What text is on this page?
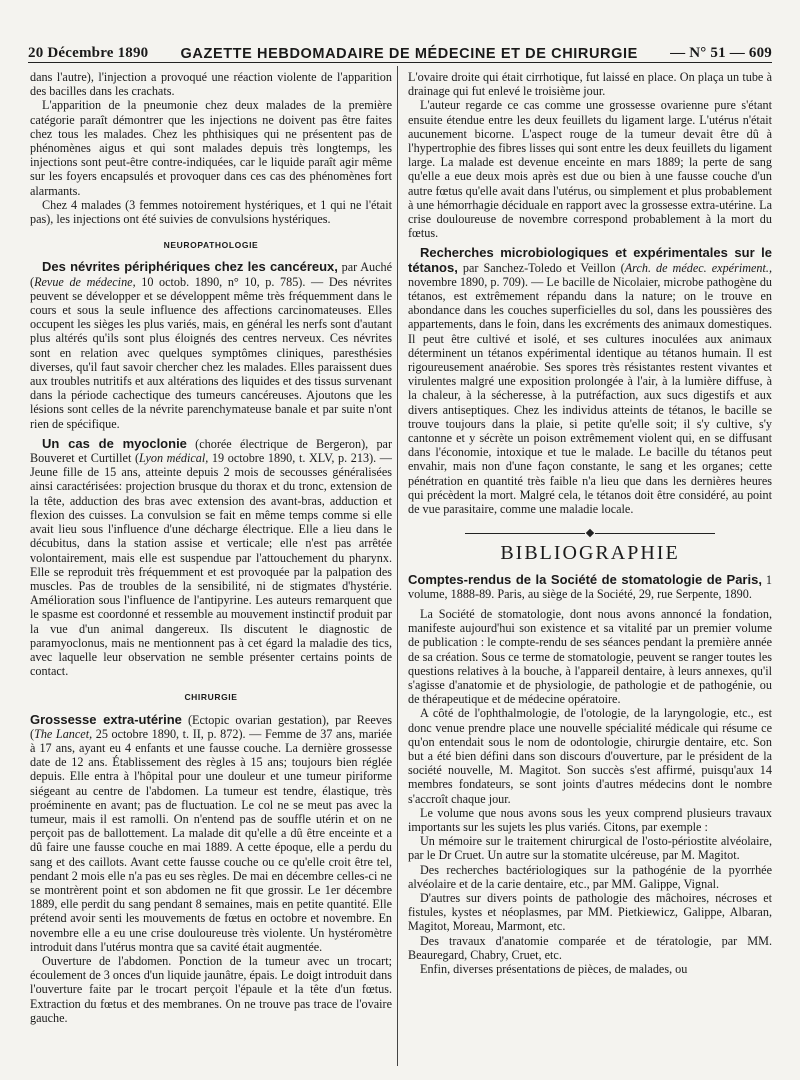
20 Décembre 1890 GAZETTE HEBDOMADAIRE DE MÉDECINE ET DE CHIRURGIE — N° 51 — 609

dans l'autre), l'injection a provoqué une réaction violente de l'apparition des bacilles dans les crachats.

L'apparition de la pneumonie chez deux malades de la première catégorie paraît démontrer que les injections ne doivent pas être faites chez tous les malades. Chez les phthisiques qui ne présentent pas de phénomènes aigus et qui sont malades depuis très longtemps, les injections sont peut-être contre-indiquées, car le liquide paraît agir même sur les foyers encapsulés et provoquer dans ces cas des phénomènes fort alarmants.

Chez 4 malades (3 femmes notoirement hystériques, et 1 qui ne l'était pas), les injections ont été suivies de convulsions hystériques.

NEUROPATHOLOGIE

Des névrites périphériques chez les cancéreux, par Auché (Revue de médecine, 10 octob. 1890, n° 10, p. 785). — Des névrites peuvent se développer et se développent même très fréquemment dans le cours et sous la seule influence des affections carcinomateuses. Elles occupent les sièges les plus variés, mais, en général les nerfs sont d'autant plus altérés qu'ils sont plus éloignés des centres nerveux. Ces névrites sont en relation avec quelques symptômes cliniques, paresthésies diverses, qu'il faut savoir chercher chez les malades. Elles paraissent dues aux troubles nutritifs et aux altérations des liquides et des tissus survenant dans la période cachectique des tumeurs cancéreuses. Ajoutons que les lésions sont celles de la névrite parenchymateuse banale et par suite n'ont rien de spécifique.

Un cas de myoclonie (chorée électrique de Bergeron), par Bouveret et Curtillet (Lyon médical, 19 octobre 1890, t. XLV, p. 213). — Jeune fille de 15 ans, atteinte depuis 2 mois de secousses généralisées ainsi caractérisées: projection brusque du thorax et du tronc, extension de la tête, adduction des bras avec extension des avant-bras, adduction et flexion des cuisses. La convulsion se fait en même temps comme si elle avait lieu sous l'influence d'une décharge électrique. Elle a lieu dans le décubitus, dans la station assise et verticale; elle n'est pas arrêtée volontairement, mais elle est suspendue par l'attouchement du pharynx. Elle se reproduit très fréquemment et est provoquée par la palpation des muscles. Pas de troubles de la sensibilité, ni de stigmates d'hystérie. Amélioration sous l'influence de l'antipyrine. Les auteurs remarquent que le spasme est coordonné et ressemble au mouvement instinctif produit par la vue d'un animal dangereux. Ils discutent le diagnostic de paramyoclonus, mais ne mentionnent pas à cet égard la maladie des tics, avec laquelle leur observation ne semble présenter certains points de contact.

CHIRURGIE

Grossesse extra-utérine (Ectopic ovarian gestation), par Reeves (The Lancet, 25 octobre 1890, t. II, p. 872). — Femme de 37 ans, mariée à 17 ans, ayant eu 4 enfants et une fausse couche. La dernière grossesse date de 12 ans. Établissement des règles à 15 ans; toujours bien réglée depuis. Elle entra à l'hôpital pour une douleur et une tumeur piriforme siégeant au centre de l'abdomen. La tumeur est tendre, élastique, très proéminente en avant; pas de fluctuation. Le col ne se meut pas avec la tumeur, mais il est ramolli. On n'entend pas de souffle utérin et on ne perçoit pas de ballottement. La malade dit qu'elle a dû être enceinte et a dû faire une fausse couche en mai 1889. A cette époque, elle a perdu du sang et des caillots. Avant cette fausse couche ou ce qu'elle croit être tel, pendant 2 mois elle n'a pas eu ses règles. De mai en décembre celles-ci ne se montrèrent point et son abdomen ne fit que grossir. Le 1er décembre 1889, elle perdit du sang pendant 8 semaines, mais en petite quantité. Elle prétend avoir senti les mouvements de fœtus en octobre et novembre. En novembre elle a eu une crise douloureuse très violente. Un hystéromètre introduit dans l'utérus montra que sa cavité était augmentée.

Ouverture de l'abdomen. Ponction de la tumeur avec un trocart; écoulement de 3 onces d'un liquide jaunâtre, épais. Le doigt introduit dans l'ouverture faite par le trocart perçoit l'épaule et la tête d'un fœtus. Extraction du fœtus et des membranes. On ne trouve pas trace de l'ovaire gauche.

L'ovaire droite qui était cirrhotique, fut laissé en place. On plaça un tube à drainage qui fut enlevé le troisième jour.

L'auteur regarde ce cas comme une grossesse ovarienne pure s'étant ensuite étendue entre les deux feuillets du ligament large. L'utérus n'était aucunement bicorne. L'aspect rouge de la tumeur devait être dû à l'hypertrophie des fibres lisses qui sont entre les deux feuillets du ligament large. La malade est devenue enceinte en mars 1889; la perte de sang qu'elle a eue deux mois après est due ou bien à une fausse couche d'un autre fœtus qu'elle avait dans l'utérus, ou simplement et plus probablement à une hémorrhagie déciduale en rapport avec la grossesse extra-utérine. La crise douloureuse de novembre correspond probablement à la mort du fœtus.

Recherches microbiologiques et expérimentales sur le tétanos, par Sanchez-Toledo et Veillon (Arch. de médec. expériment., novembre 1890, p. 709). — Le bacille de Nicolaier, microbe pathogène du tétanos, est extrêmement répandu dans la nature; on le trouve en abondance dans les couches superficielles du sol, dans les poussières des appartements, dans le foin, dans les excréments des animaux domestiques. Il peut être cultivé et isolé, et ses cultures inoculées aux animaux déterminent un tétanos expérimental identique au tétanos humain. Il est rigoureusement anaérobie. Ses spores très résistantes restent vivantes et virulentes malgré une exposition prolongée à l'air, à la lumière diffuse, à la chaleur, à la sécheresse, à la putréfaction, aux sucs digestifs et aux divers antiseptiques. Chez les individus atteints de tétanos, le bacille se trouve toujours dans la plaie, si petite qu'elle soit; il s'y cultive, s'y cantonne et y sécrète un poison extrêmement violent qui, en se diffusant dans l'économie, intoxique et tue le malade. Le bacille du tétanos peut envahir, mais non d'une façon constante, le sang et les organes; cette pénétration en quantité très faible n'a lieu que dans les dernières heures qui précèdent la mort. Malgré cela, le tétanos doit être considéré, au point de vue parasitaire, comme une maladie locale.

BIBLIOGRAPHIE

Comptes-rendus de la Société de stomatologie de Paris, 1 volume, 1888-89. Paris, au siège de la Société, 29, rue Serpente, 1890.

La Société de stomatologie, dont nous avons annoncé la fondation, manifeste aujourd'hui son existence et sa vitalité par un premier volume de publication : le compte-rendu de ses séances pendant la première année de sa création. Sous ce terme de stomatologie, peuvent se ranger toutes les questions relatives à la bouche, à l'appareil dentaire, à leurs annexes, qu'il s'agisse d'anatomie et de physiologie, de pathologie et de pathogénie, ou de thérapeutique et de médecine opératoire.

A côté de l'ophthalmologie, de l'otologie, de la laryngologie, etc., est donc venue prendre place une nouvelle spécialité médicale qui résume ce qu'on entendait sous le nom de odontologie, chirurgie dentaire, etc. Son but a été bien défini dans son discours d'ouverture, par le président de la société nouvelle, M. Magitot. Son succès s'est affirmé, puisqu'aux 14 membres fondateurs, se sont joints d'autres médecins dont le nombre s'accroît chaque jour.

Le volume que nous avons sous les yeux comprend plusieurs travaux importants sur les sujets les plus variés. Citons, par exemple :

Un mémoire sur le traitement chirurgical de l'osto-périostite alvéolaire, par le Dr Cruet. Un autre sur la stomatite ulcéreuse, par M. Magitot.

Des recherches bactériologiques sur la pathogénie de la pyorrhée alvéolaire et de la carie dentaire, etc., par MM. Galippe, Vignal.

D'autres sur divers points de pathologie des mâchoires, nécroses et fistules, kystes et néoplasmes, par MM. Pietkiewicz, Galippe, Albaran, Magitot, Moreau, Marmont, etc.

Des travaux d'anatomie comparée et de tératologie, par MM. Beauregard, Chabry, Cruet, etc.

Enfin, diverses présentations de pièces, de malades, ou
